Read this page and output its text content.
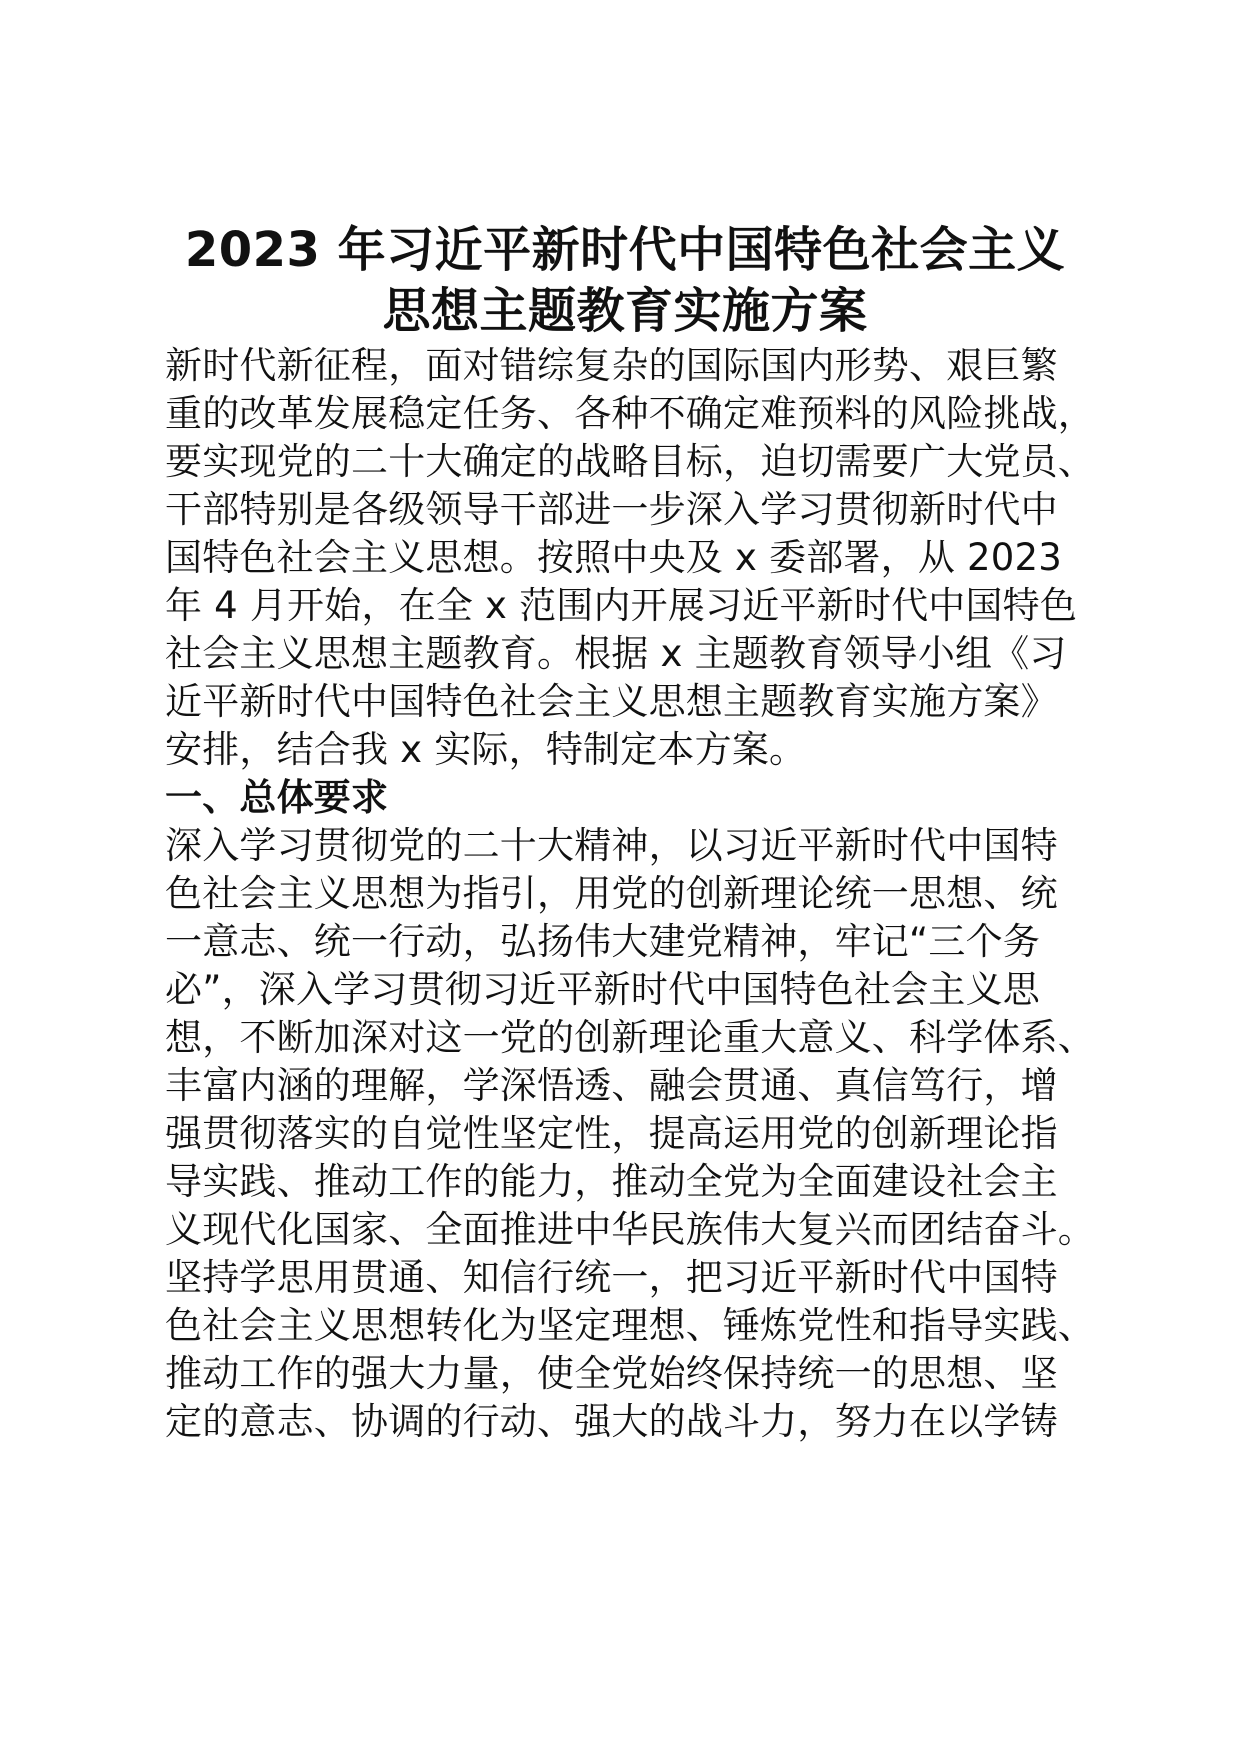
2023 年习近平新时代中国特色社会主义
思想主题教育实施方案
新时代新征程，面对错综复杂的国际国内形势、艰巨繁
重的改革发展稳定任务、各种不确定难预料的风险挑战，
要实现党的二十大确定的战略目标，迫切需要广大党员、
干部特别是各级领导干部进一步深入学习贯彻新时代中
国特色社会主义思想。按照中央及 x 委部署，从 2023
年 4 月开始，在全 x 范围内开展习近平新时代中国特色
社会主义思想主题教育。根据 x 主题教育领导小组《习
近平新时代中国特色社会主义思想主题教育实施方案》
安排，结合我 x 实际，特制定本方案。
一、总体要求
深入学习贯彻党的二十大精神，以习近平新时代中国特
色社会主义思想为指引，用党的创新理论统一思想、统
一意志、统一行动，弘扬伟大建党精神，牢记“三个务
必”，深入学习贯彻习近平新时代中国特色社会主义思
想，不断加深对这一党的创新理论重大意义、科学体系、
丰富内涵的理解，学深悟透、融会贯通、真信笃行，增
强贯彻落实的自觉性坚定性，提高运用党的创新理论指
导实践、推动工作的能力，推动全党为全面建设社会主
义现代化国家、全面推进中华民族伟大复兴而团结奋斗。
坚持学思用贯通、知信行统一，把习近平新时代中国特
色社会主义思想转化为坚定理想、锤炼党性和指导实践、
推动工作的强大力量，使全党始终保持统一的思想、坚
定的意志、协调的行动、强大的战斗力，努力在以学铸
